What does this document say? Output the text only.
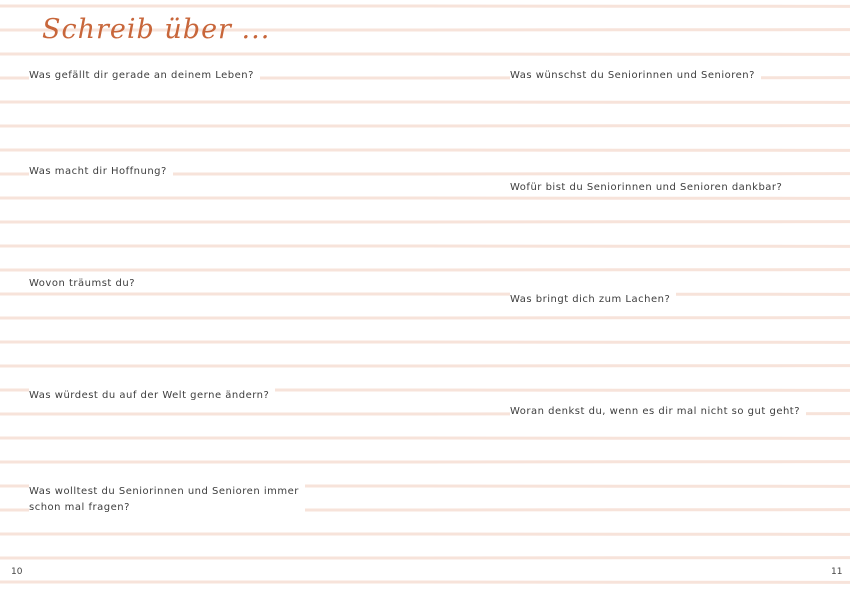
Schreib über ...
Was gefällt dir gerade an deinem Leben?
Was macht dir Hoffnung?
Wovon träumst du?
Was würdest du auf der Welt gerne ändern?
Was wolltest du Seniorinnen und Senioren immer schon mal fragen?
Was wünschst du Seniorinnen und Senioren?
Wofür bist du Seniorinnen und Senioren dankbar?
Was bringt dich zum Lachen?
Woran denkst du, wenn es dir mal nicht so gut geht?
10	11
